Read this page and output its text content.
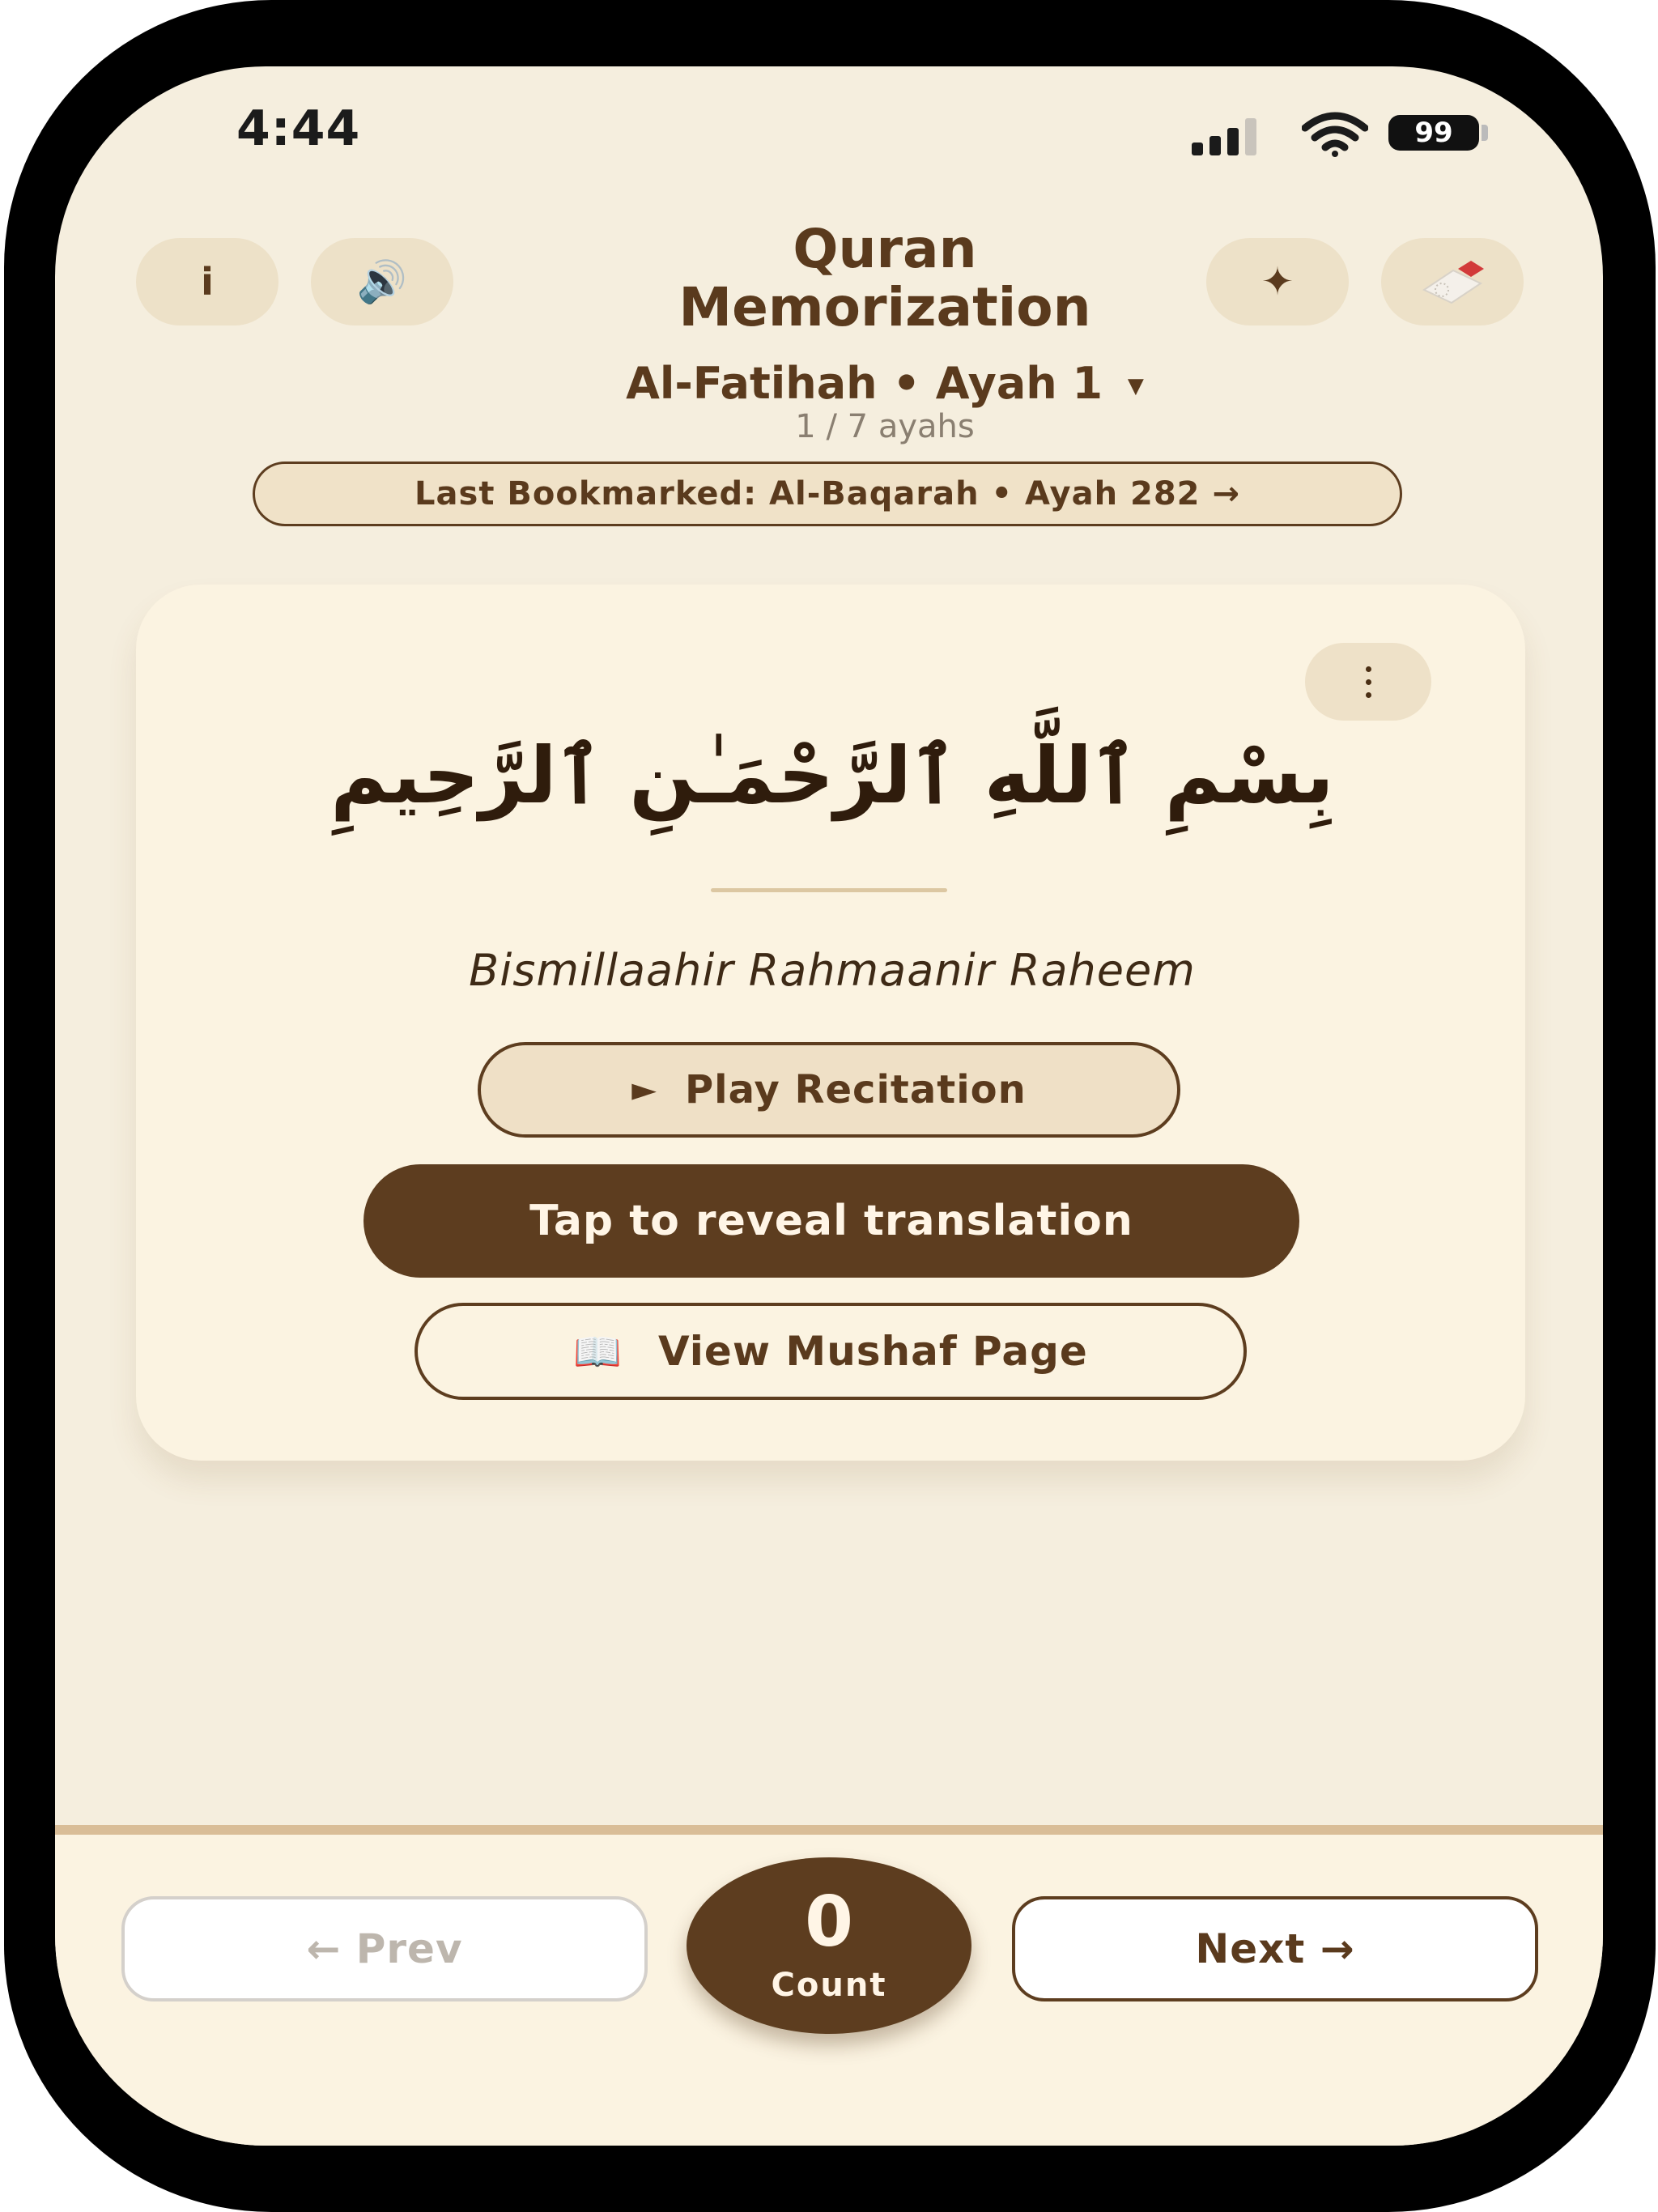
4:44	99
i	🔊
Quran
Memorization
Al-Fatihah • Ayah 1 ▼
1 / 7 ayahs
✦
Last Bookmarked: Al-Baqarah • Ayah 282 →
بِسْمِ ٱللَّهِ ٱلرَّحْمَـٰنِ ٱلرَّحِيمِ
Bismillaahir Rahmaanir Raheem
► Play Recitation
Tap to reveal translation
📖 View Mushaf Page
← Prev	Next →
0
Count
